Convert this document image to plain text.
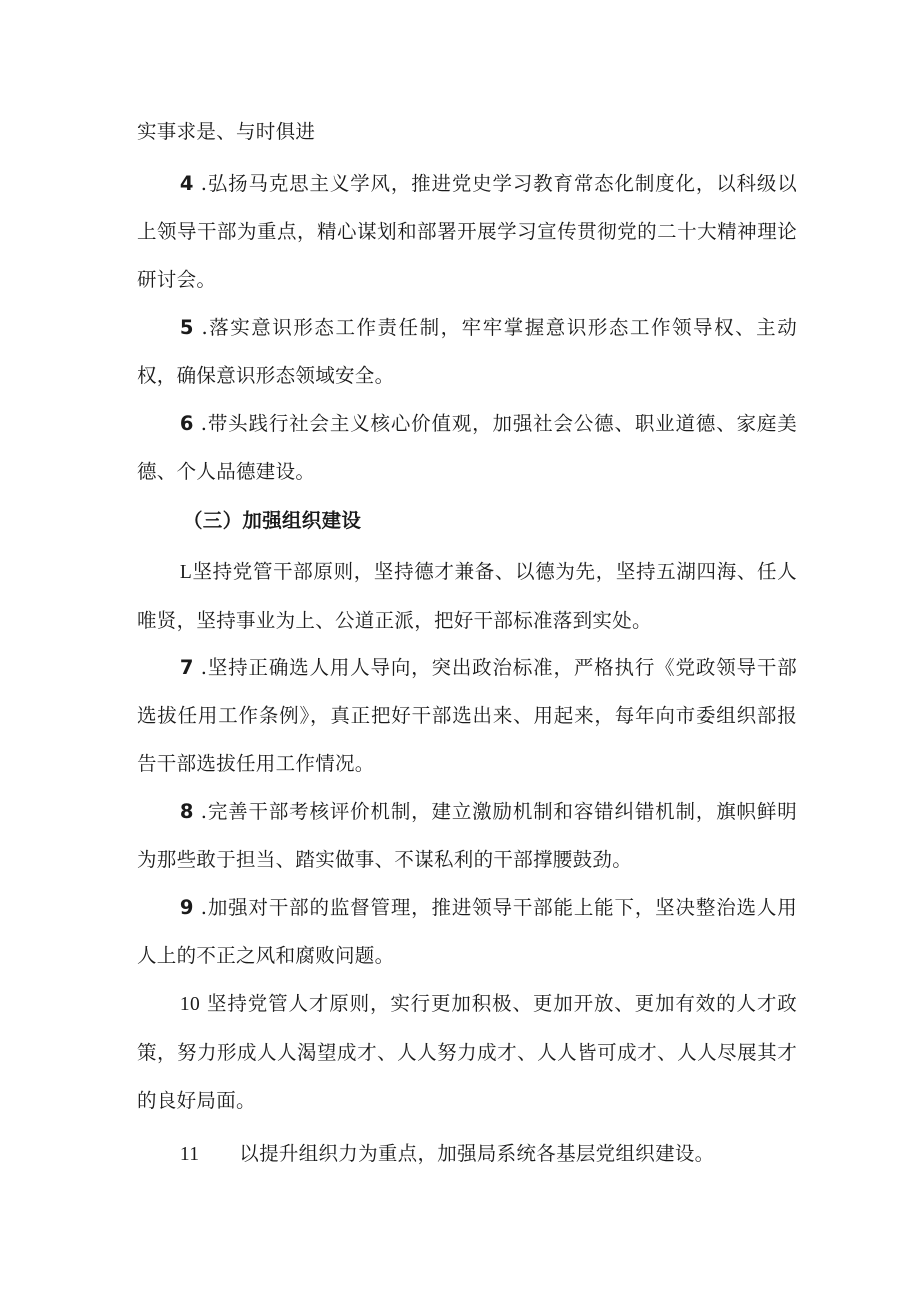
实事求是、与时俱进

4 .弘扬马克思主义学风，推进党史学习教育常态化制度化，以科级以上领导干部为重点，精心谋划和部署开展学习宣传贯彻党的二十大精神理论研讨会。

5 .落实意识形态工作责任制，牢牢掌握意识形态工作领导权、主动权，确保意识形态领域安全。

6 .带头践行社会主义核心价值观，加强社会公德、职业道德、家庭美德、个人品德建设。

（三）加强组织建设

L坚持党管干部原则，坚持德才兼备、以德为先，坚持五湖四海、任人唯贤，坚持事业为上、公道正派，把好干部标准落到实处。

7 .坚持正确选人用人导向，突出政治标准，严格执行《党政领导干部选拔任用工作条例》，真正把好干部选出来、用起来，每年向市委组织部报告干部选拔任用工作情况。

8 .完善干部考核评价机制，建立激励机制和容错纠错机制，旗帜鲜明为那些敢于担当、踏实做事、不谋私利的干部撑腰鼓劲。

9 .加强对干部的监督管理，推进领导干部能上能下，坚决整治选人用人上的不正之风和腐败问题。

10 坚持党管人才原则，实行更加积极、更加开放、更加有效的人才政策，努力形成人人渴望成才、人人努力成才、人人皆可成才、人人尽展其才的良好局面。

11 以提升组织力为重点，加强局系统各基层党组织建设。
